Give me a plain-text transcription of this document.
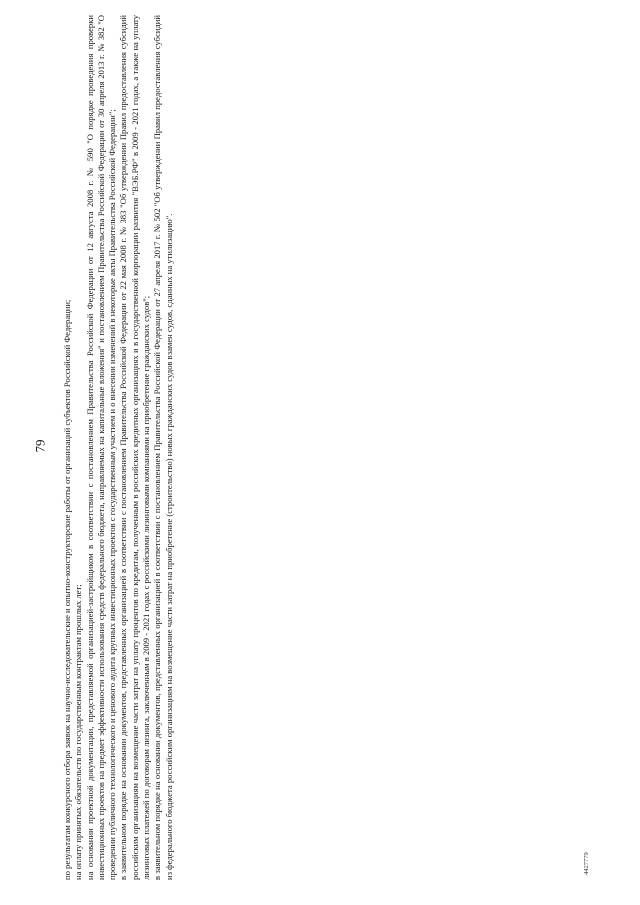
79 по результатам конкурсного отбора заявок на научно-исследовательские и опытно-конструкторские работы от организаций субъектов Российской Федерации; на оплату принятых обязательств по государственным контрактам прошлых лет; на основании проектной документации, представляемой организацией-застройщиком в соответствии с постановлением Правительства Российской Федерации от 12 августа 2008 г. № 590 "О порядке проведения проверки инвестиционных проектов на предмет эффективности использования средств федерального бюджета, направляемых на капитальные вложения" и постановлением Правительства Российской Федерации от 30 апреля 2013 г. № 382 "О проведении публичного технологического и ценового аудита крупных инвестиционных проектов с государственным участием и о внесении изменений в некоторые акты Правительства Российской Федерации"; в заявительном порядке на основании документов, представленных организацией в соответствии с постановлением Правительства Российской Федерации от 22 мая 2008 г. № 383 "Об утверждении Правил предоставления субсидий российским организациям на возмещение части затрат на уплату процентов по кредитам, полученным в российских кредитных организациях и в государственной корпорации развития "ВЭБ.РФ" в 2009 - 2021 годах, а также на уплату лизинговых платежей по договорам лизинга, заключенным в 2009 - 2021 годах с российскими лизинговыми компаниями на приобретение гражданских судов"; в заявительном порядке на основании документов, представленных организацией в соответствии с постановлением Правительства Российской Федерации от 27 апреля 2017 г. № 502 "Об утверждении Правил предоставления субсидий из федерального бюджета российским организациям на возмещение части затрат на приобретение (строительство) новых гражданских судов взамен судов, сданных на утилизацию".	4427779
